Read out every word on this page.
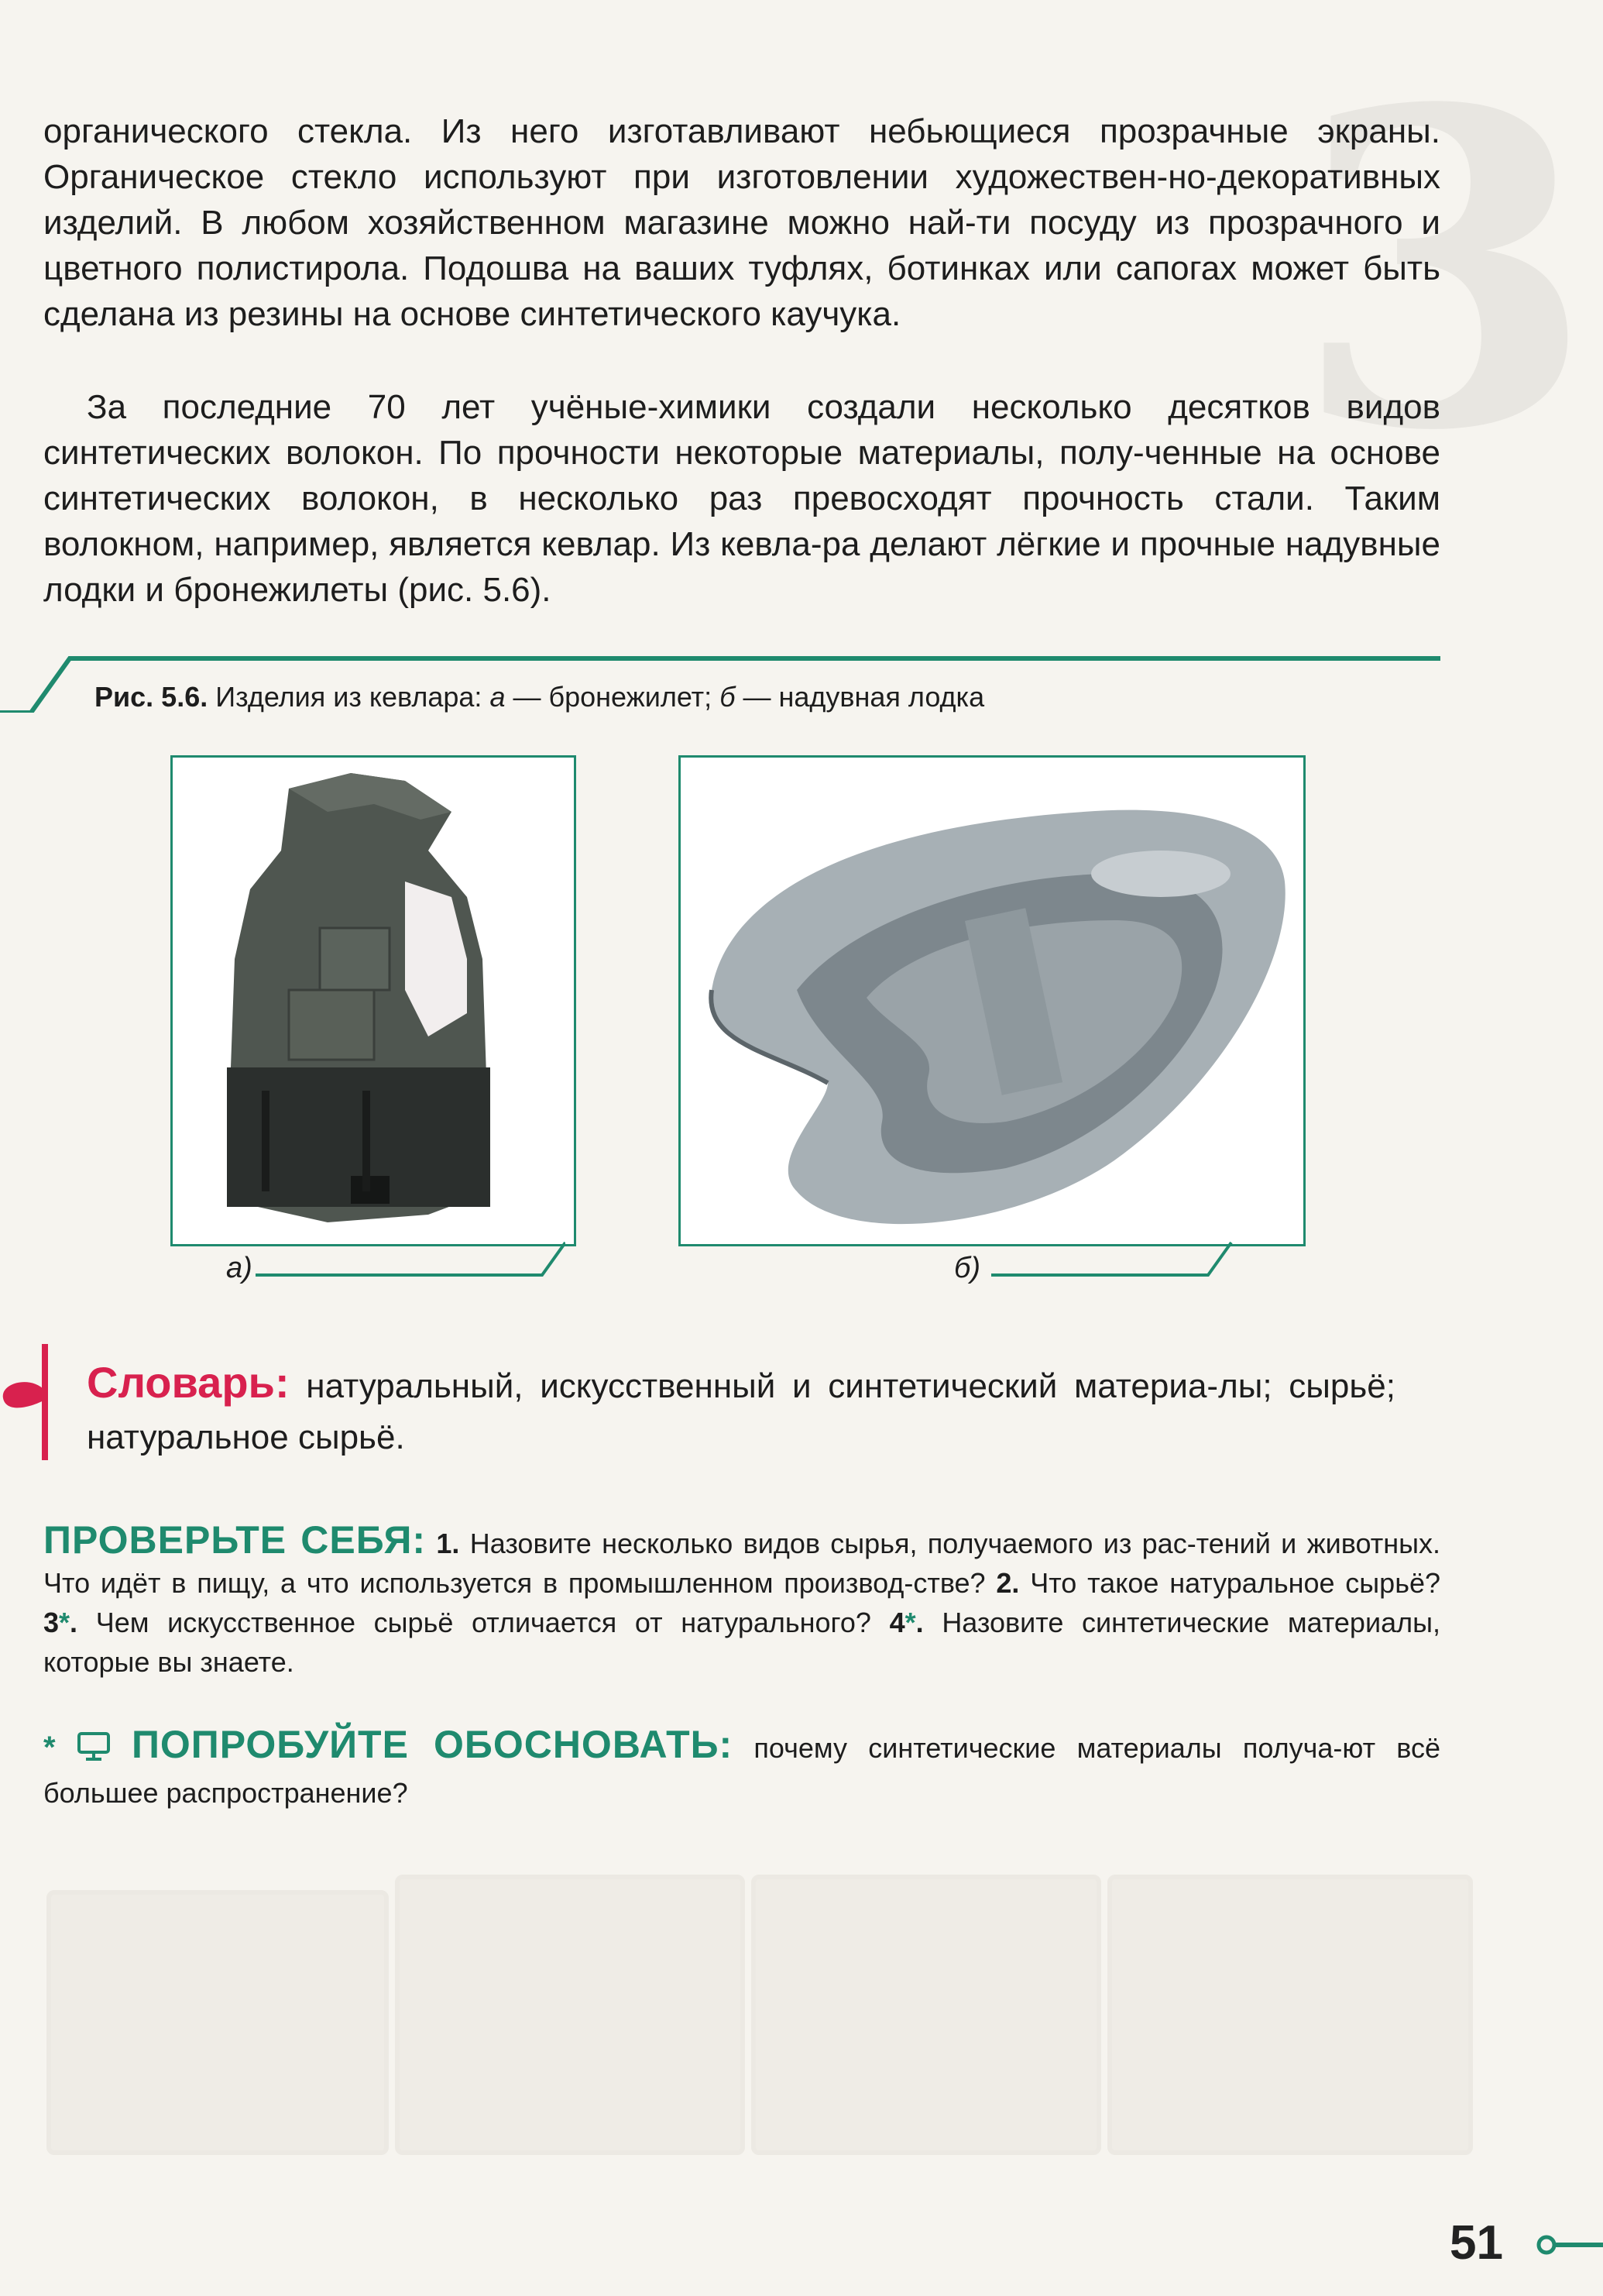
3

органического стекла. Из него изготавливают небьющиеся прозрачные экраны. Органическое стекло используют при изготовлении художествен-но-декоративных изделий. В любом хозяйственном магазине можно най-ти посуду из прозрачного и цветного полистирола. Подошва на ваших туфлях, ботинках или сапогах может быть сделана из резины на основе синтетического каучука.

За последние 70 лет учёные-химики создали несколько десятков видов синтетических волокон. По прочности некоторые материалы, полу-ченные на основе синтетических волокон, в несколько раз превосходят прочность стали. Таким волокном, например, является кевлар. Из кевла-ра делают лёгкие и прочные надувные лодки и бронежилеты (рис. 5.6).

Рис. 5.6. Изделия из кевлара: а — бронежилет; б — надувная лодка
а)	б)

Словарь: натуральный, искусственный и синтетический материа-лы; сырьё; натуральное сырьё.

ПРОВЕРЬТЕ СЕБЯ: 1. Назовите несколько видов сырья, получаемого из рас-тений и животных. Что идёт в пищу, а что используется в промышленном производ-стве? 2. Что такое натуральное сырьё? 3*. Чем искусственное сырьё отличается от натурального? 4*. Назовите синтетические материалы, которые вы знаете.

* ПОПРОБУЙТЕ ОБОСНОВАТЬ: почему синтетические материалы получа-ют всё большее распространение?

51
